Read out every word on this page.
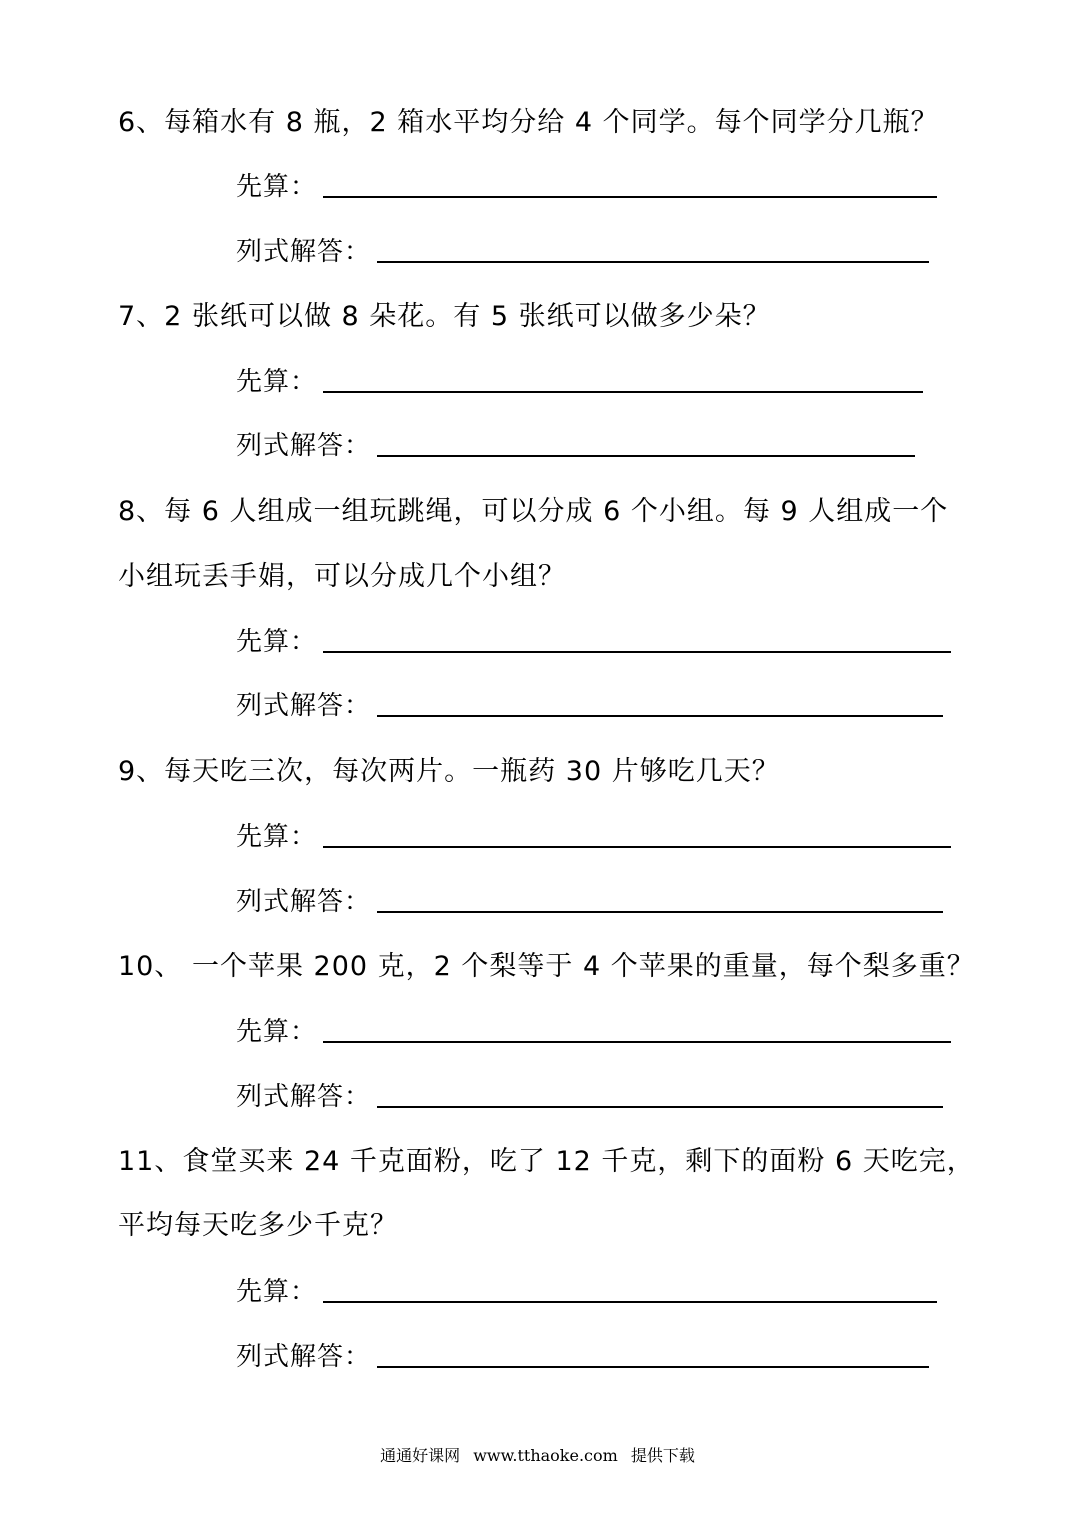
6、每箱水有 8 瓶，2 箱水平均分给 4 个同学。每个同学分几瓶？
先算：
列式解答：
7、2 张纸可以做 8 朵花。有 5 张纸可以做多少朵？
先算：
列式解答：
8、每 6 人组成一组玩跳绳，可以分成 6 个小组。每 9 人组成一个
小组玩丢手娟，可以分成几个小组？
先算：
列式解答：
9、每天吃三次，每次两片。一瓶药 30 片够吃几天？
先算：
列式解答：
10、 一个苹果 200 克，2 个梨等于 4 个苹果的重量，每个梨多重？
先算：
列式解答：
11、食堂买来 24 千克面粉，吃了 12 千克，剩下的面粉 6 天吃完，
平均每天吃多少千克？
先算：
列式解答：
通通好课网 www.tthaoke.com 提供下载
